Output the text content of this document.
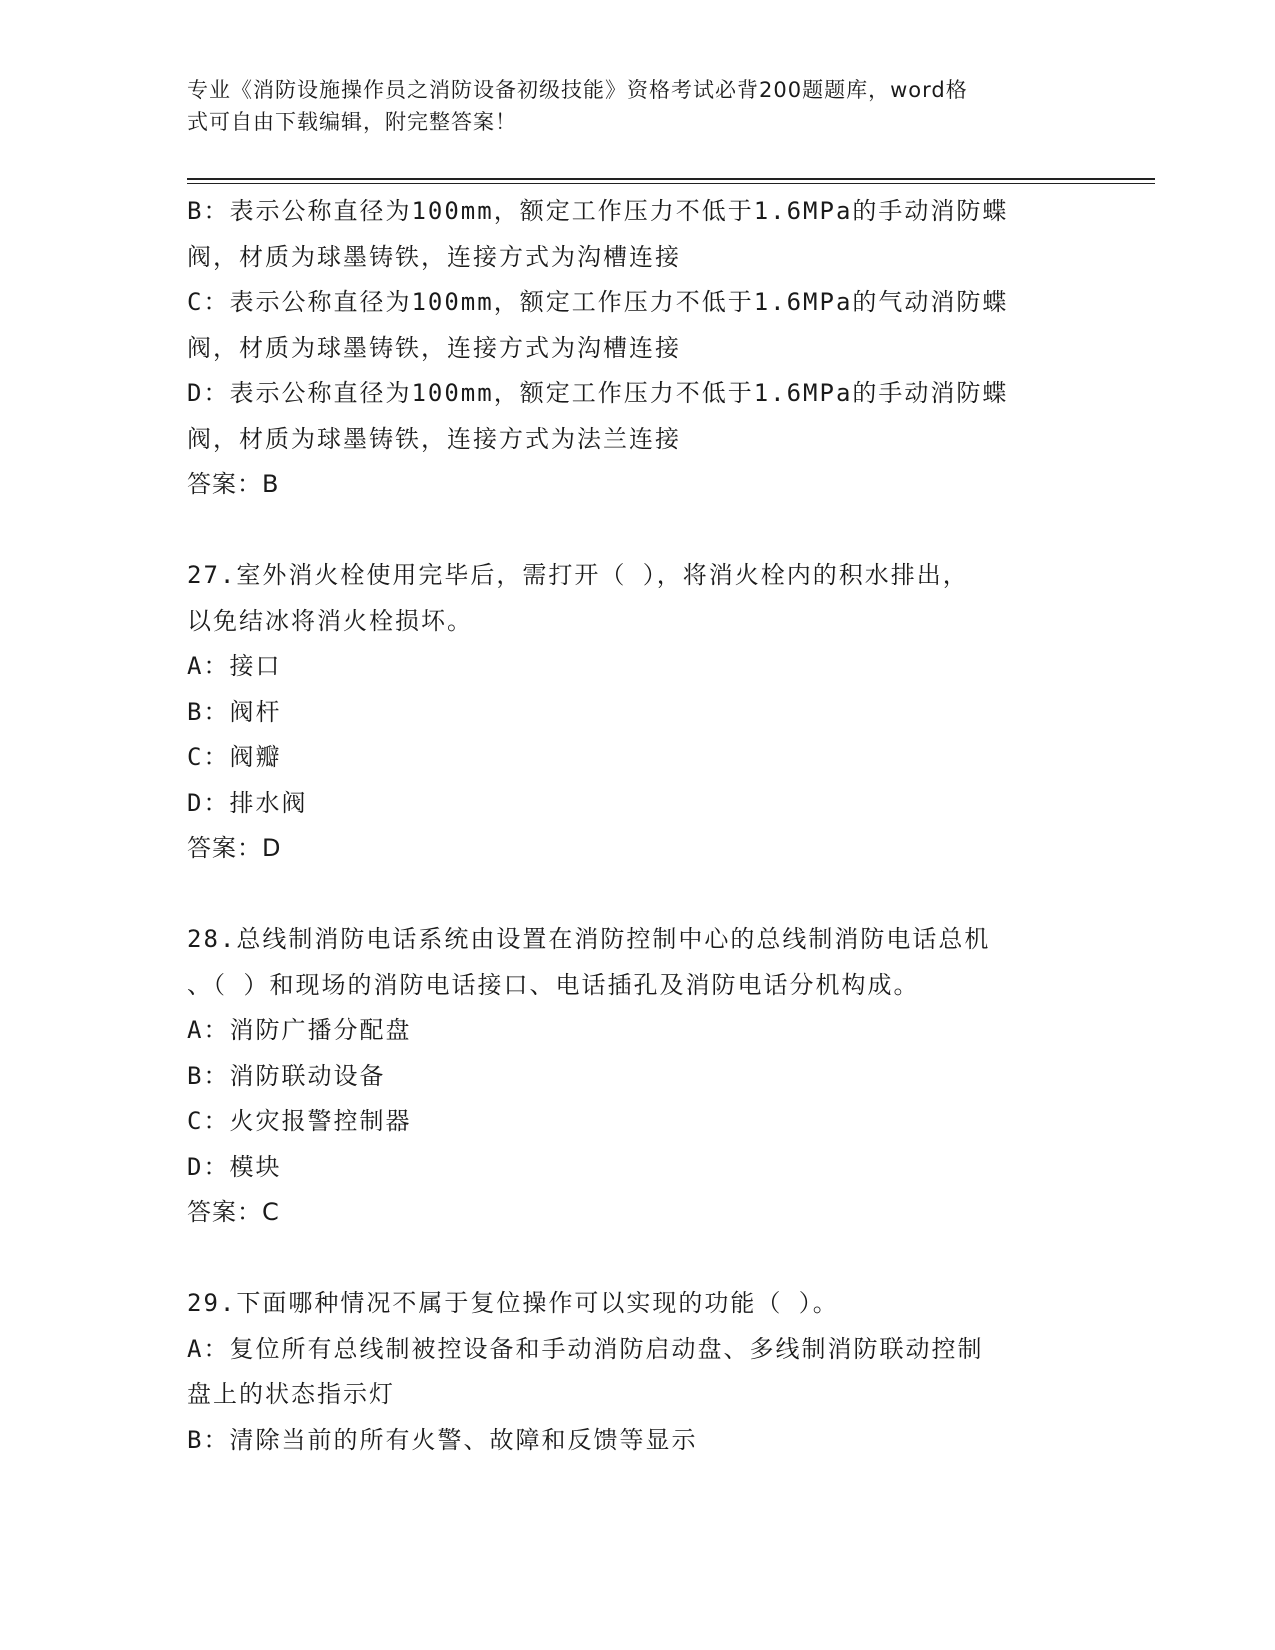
专业《消防设施操作员之消防设备初级技能》资格考试必背200题题库，word格
式可自由下载编辑，附完整答案！
B：表示公称直径为100mm，额定工作压力不低于1.6MPa的手动消防蝶
阀，材质为球墨铸铁，连接方式为沟槽连接
C：表示公称直径为100mm，额定工作压力不低于1.6MPa的气动消防蝶
阀，材质为球墨铸铁，连接方式为沟槽连接
D：表示公称直径为100mm，额定工作压力不低于1.6MPa的手动消防蝶
阀，材质为球墨铸铁，连接方式为法兰连接
答案：B
27.室外消火栓使用完毕后，需打开（ ），将消火栓内的积水排出，
以免结冰将消火栓损坏。
A：接口
B：阀杆
C：阀瓣
D：排水阀
答案：D
28.总线制消防电话系统由设置在消防控制中心的总线制消防电话总机
、（ ）和现场的消防电话接口、电话插孔及消防电话分机构成。
A：消防广播分配盘
B：消防联动设备
C：火灾报警控制器
D：模块
答案：C
29.下面哪种情况不属于复位操作可以实现的功能（ ）。
A：复位所有总线制被控设备和手动消防启动盘、多线制消防联动控制
盘上的状态指示灯
B：清除当前的所有火警、故障和反馈等显示
